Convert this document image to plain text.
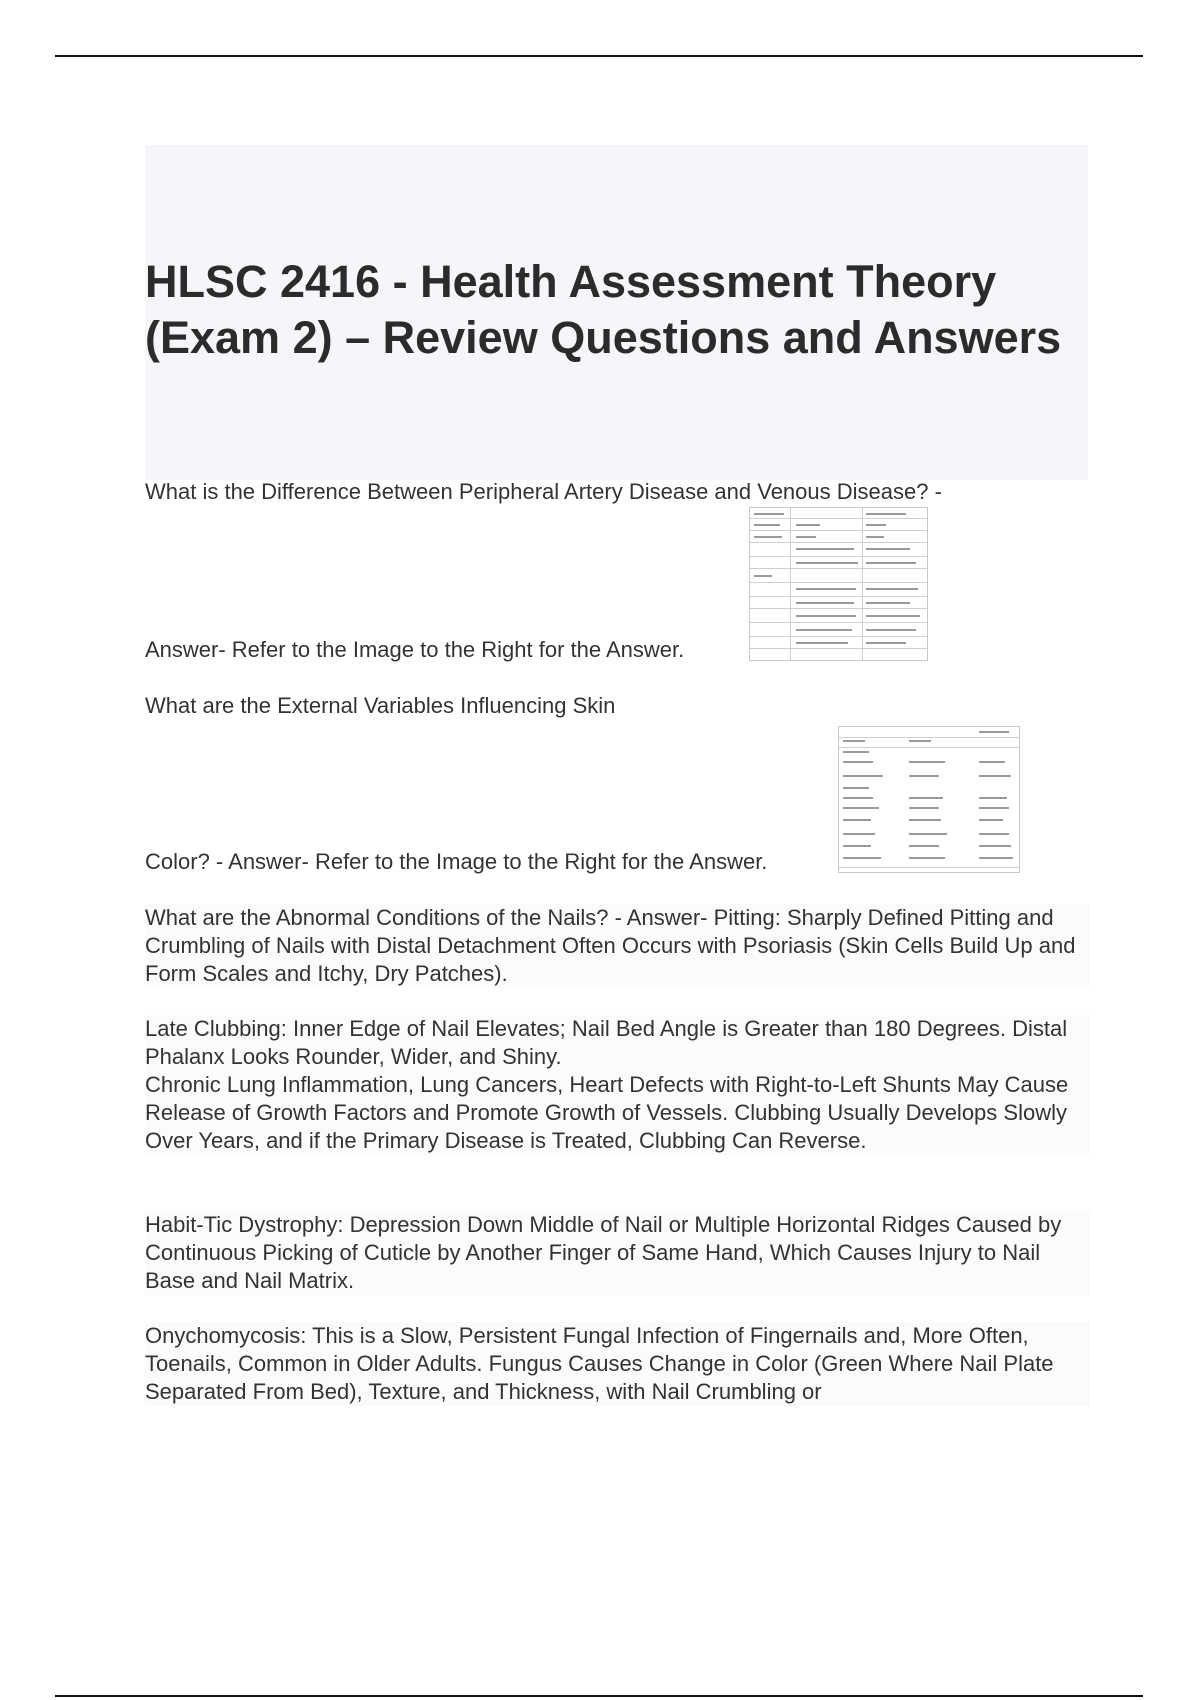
HLSC 2416 - Health Assessment Theory (Exam 2) – Review Questions and Answers

What is the Difference Between Peripheral Artery Disease and Venous Disease? -

Answer- Refer to the Image to the Right for the Answer.

What are the External Variables Influencing Skin

Color? - Answer- Refer to the Image to the Right for the Answer.

What are the Abnormal Conditions of the Nails? - Answer- Pitting: Sharply Defined Pitting and Crumbling of Nails with Distal Detachment Often Occurs with Psoriasis (Skin Cells Build Up and Form Scales and Itchy, Dry Patches).

Late Clubbing: Inner Edge of Nail Elevates; Nail Bed Angle is Greater than 180 Degrees. Distal Phalanx Looks Rounder, Wider, and Shiny.

Chronic Lung Inflammation, Lung Cancers, Heart Defects with Right-to-Left Shunts May Cause Release of Growth Factors and Promote Growth of Vessels. Clubbing Usually Develops Slowly Over Years, and if the Primary Disease is Treated, Clubbing Can Reverse.

Habit-Tic Dystrophy: Depression Down Middle of Nail or Multiple Horizontal Ridges Caused by Continuous Picking of Cuticle by Another Finger of Same Hand, Which Causes Injury to Nail Base and Nail Matrix.

Onychomycosis: This is a Slow, Persistent Fungal Infection of Fingernails and, More Often, Toenails, Common in Older Adults. Fungus Causes Change in Color (Green Where Nail Plate Separated From Bed), Texture, and Thickness, with Nail Crumbling or
